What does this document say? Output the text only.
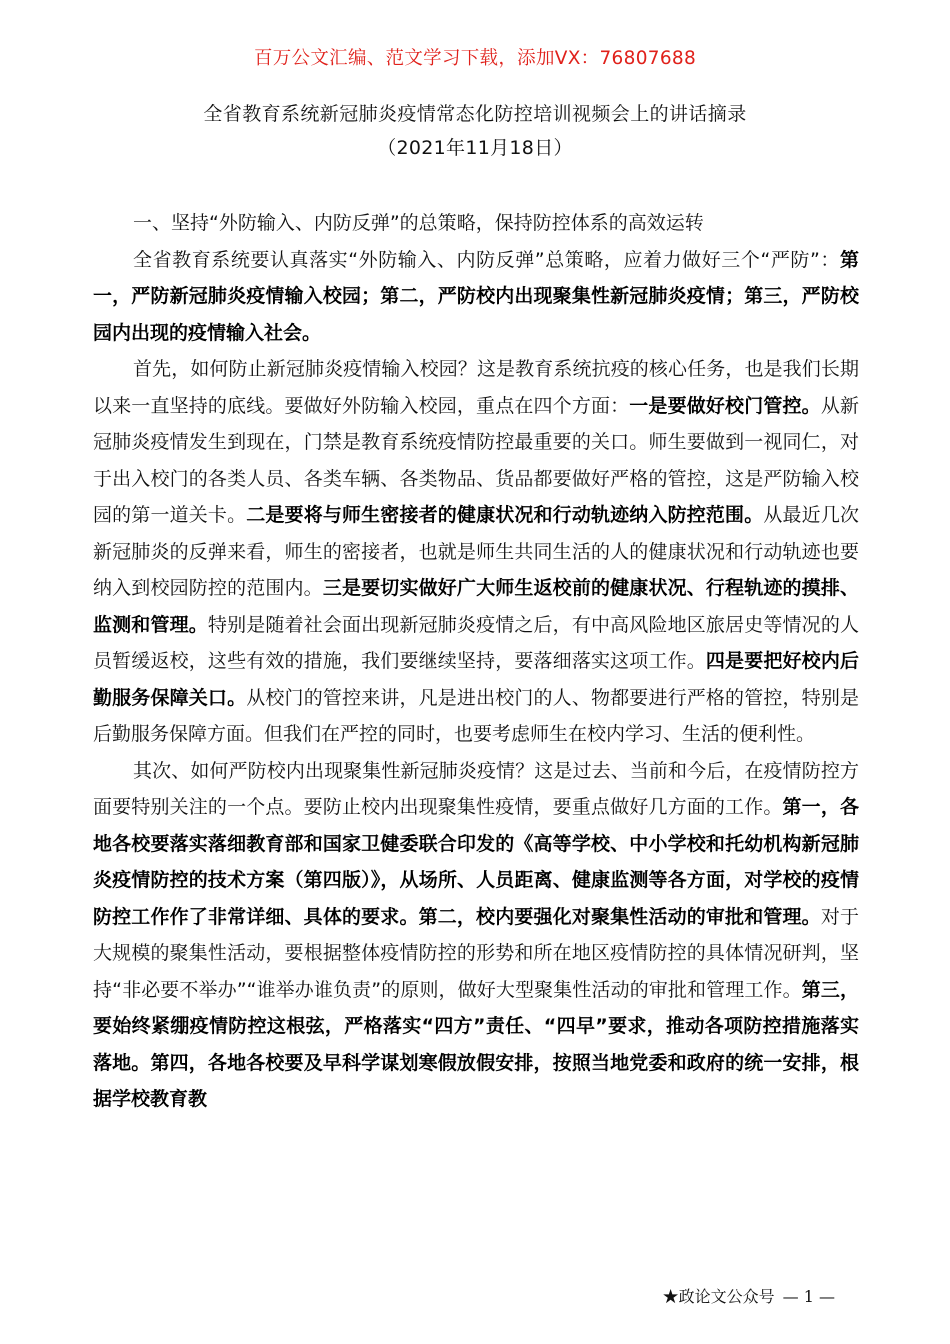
百万公文汇编、范文学习下载，添加VX：76807688
全省教育系统新冠肺炎疫情常态化防控培训视频会上的讲话摘录
（2021年11月18日）

一、坚持“外防输入、内防反弹”的总策略，保持防控体系的高效运转

全省教育系统要认真落实“外防输入、内防反弹”总策略，应着力做好三个“严防”：第一，严防新冠肺炎疫情输入校园；第二，严防校内出现聚集性新冠肺炎疫情；第三，严防校园内出现的疫情输入社会。

首先，如何防止新冠肺炎疫情输入校园？这是教育系统抗疫的核心任务，也是我们长期以来一直坚持的底线。要做好外防输入校园，重点在四个方面：一是要做好校门管控。从新冠肺炎疫情发生到现在，门禁是教育系统疫情防控最重要的关口。师生要做到一视同仁，对于出入校门的各类人员、各类车辆、各类物品、货品都要做好严格的管控，这是严防输入校园的第一道关卡。二是要将与师生密接者的健康状况和行动轨迹纳入防控范围。从最近几次新冠肺炎的反弹来看，师生的密接者，也就是师生共同生活的人的健康状况和行动轨迹也要纳入到校园防控的范围内。三是要切实做好广大师生返校前的健康状况、行程轨迹的摸排、监测和管理。特别是随着社会面出现新冠肺炎疫情之后，有中高风险地区旅居史等情况的人员暂缓返校，这些有效的措施，我们要继续坚持，要落细落实这项工作。四是要把好校内后勤服务保障关口。从校门的管控来讲，凡是进出校门的人、物都要进行严格的管控，特别是后勤服务保障方面。但我们在严控的同时，也要考虑师生在校内学习、生活的便利性。

其次、如何严防校内出现聚集性新冠肺炎疫情？这是过去、当前和今后，在疫情防控方面要特别关注的一个点。要防止校内出现聚集性疫情，要重点做好几方面的工作。第一，各地各校要落实落细教育部和国家卫健委联合印发的《高等学校、中小学校和托幼机构新冠肺炎疫情防控的技术方案（第四版）》，从场所、人员距离、健康监测等各方面，对学校的疫情防控工作作了非常详细、具体的要求。第二，校内要强化对聚集性活动的审批和管理。对于大规模的聚集性活动，要根据整体疫情防控的形势和所在地区疫情防控的具体情况研判，坚持“非必要不举办”“谁举办谁负责”的原则，做好大型聚集性活动的审批和管理工作。第三，要始终紧绷疫情防控这根弦，严格落实“四方”责任、“四早”要求，推动各项防控措施落实落地。第四，各地各校要及早科学谋划寒假放假安排，按照当地党委和政府的统一安排，根据学校教育教

★政论文公众号 — 1 —
